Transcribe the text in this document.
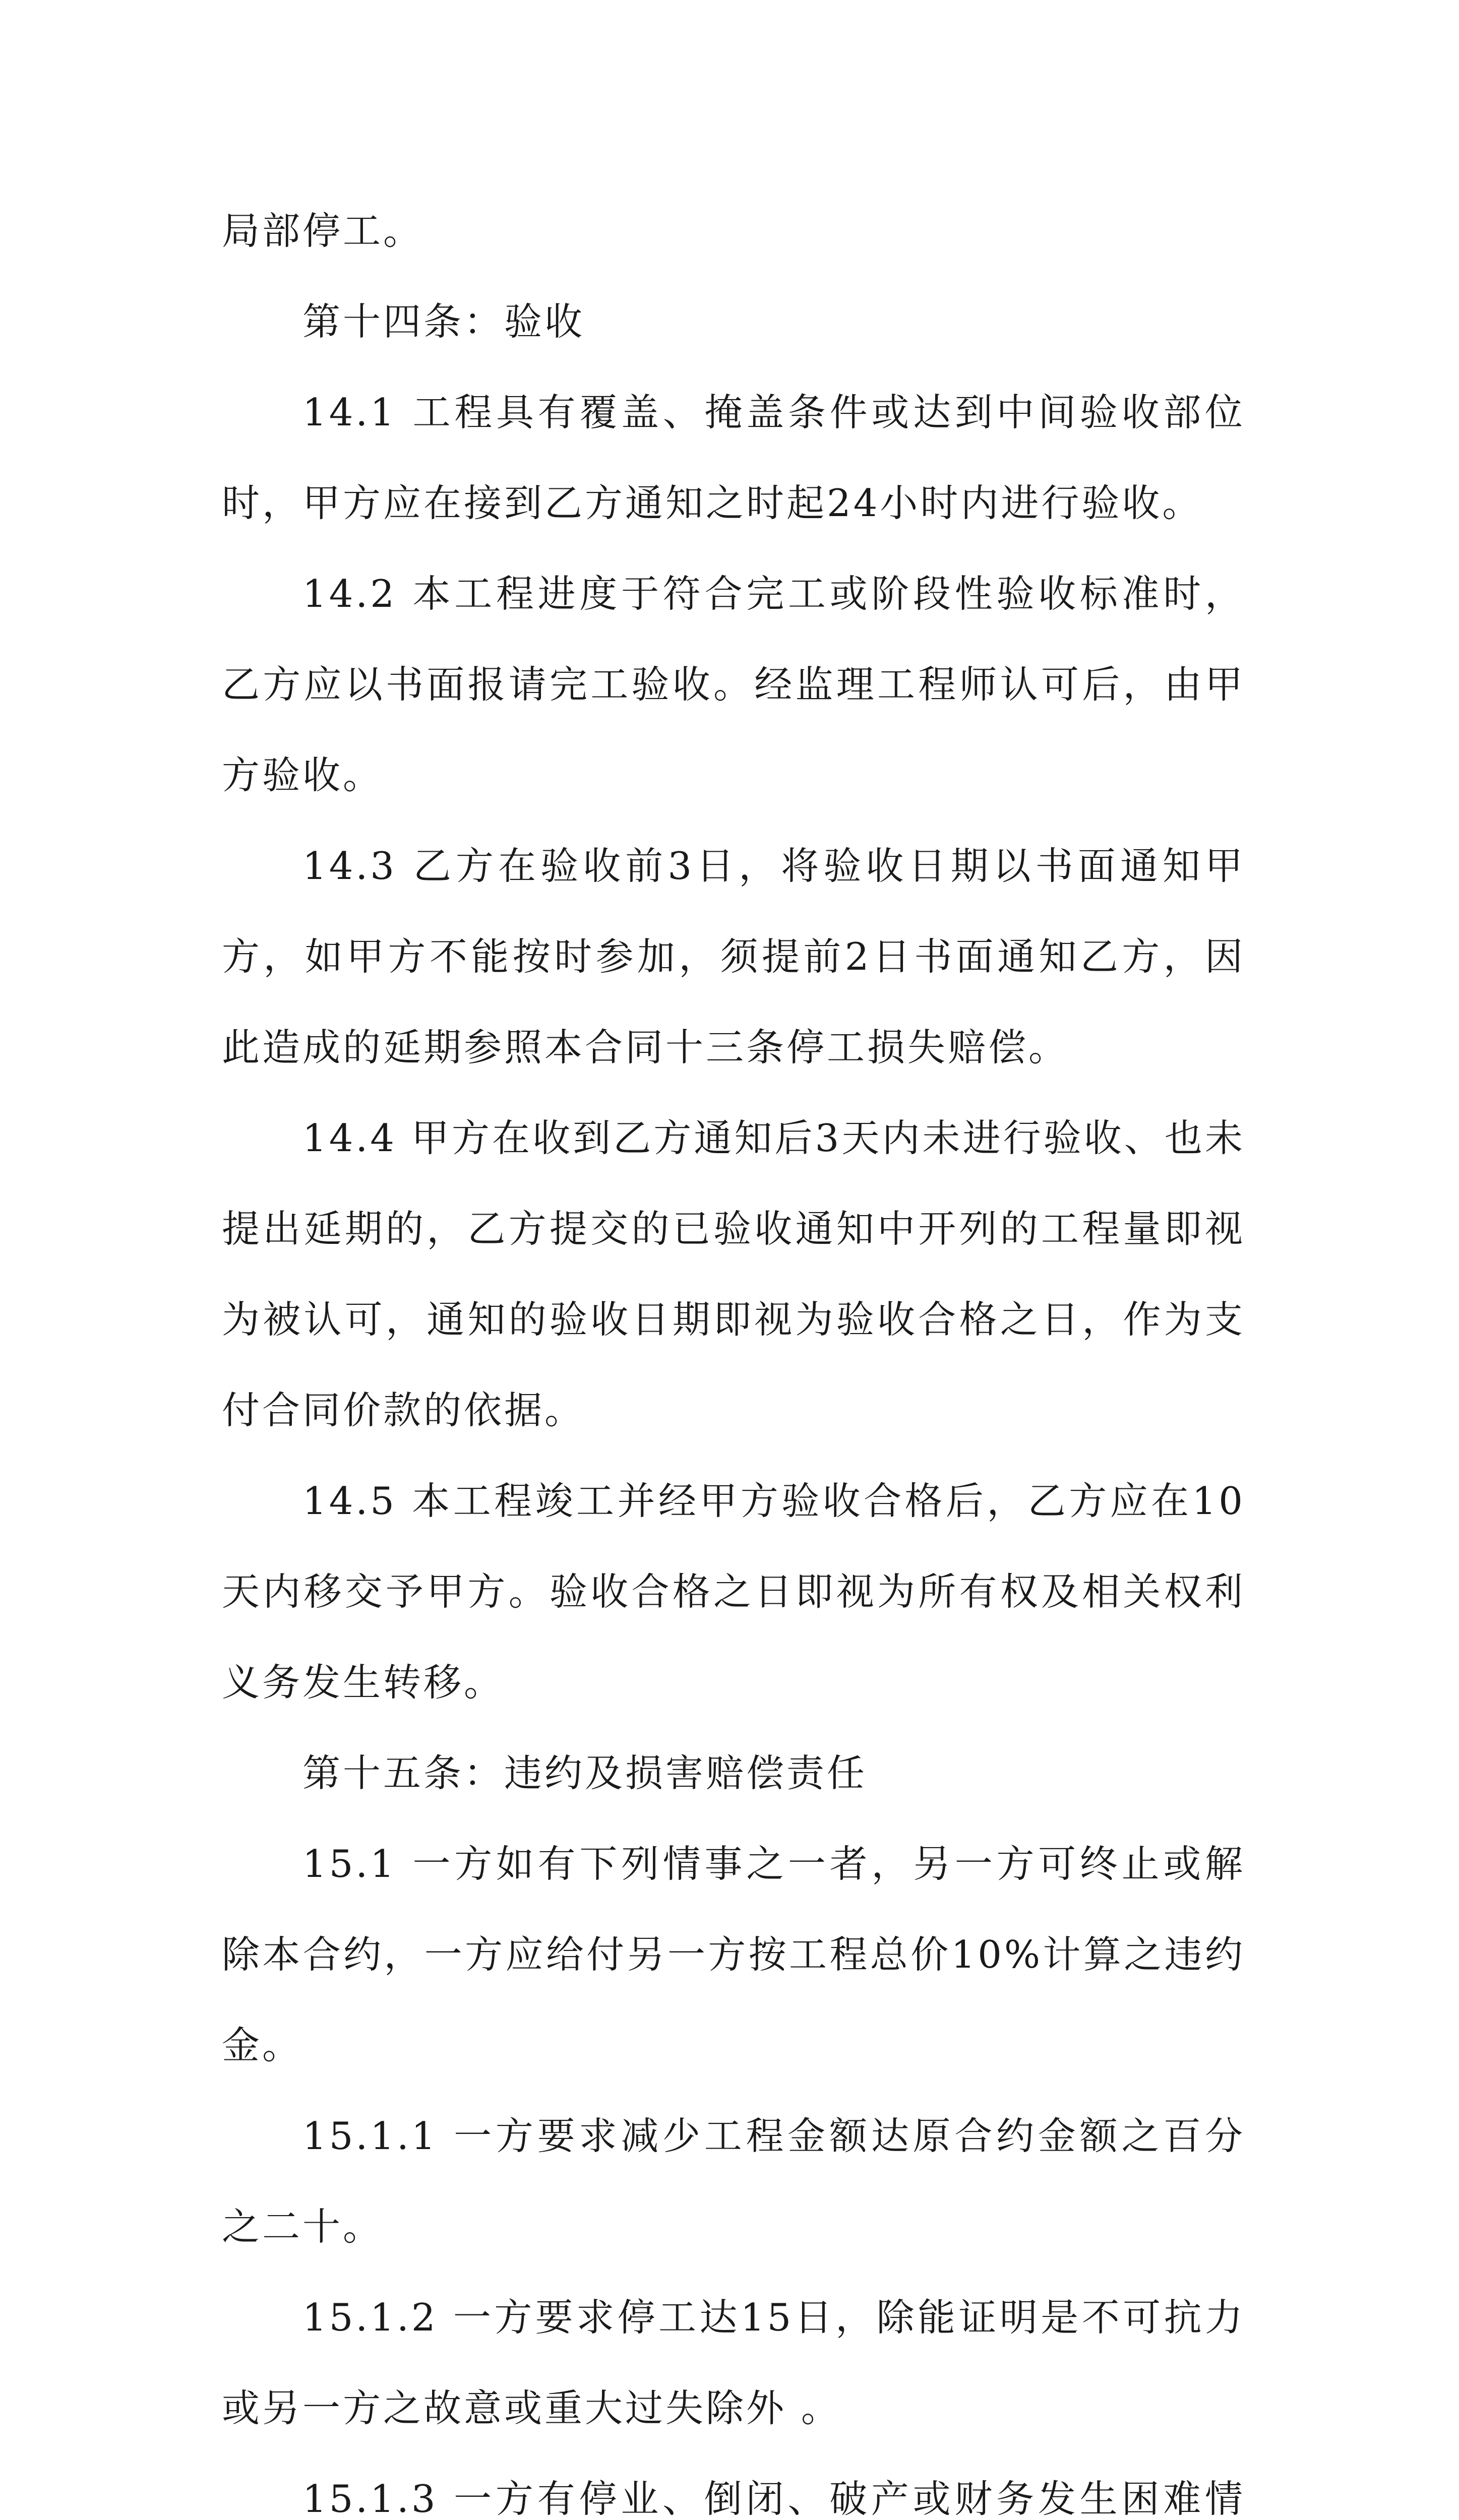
局部停工。

第十四条：验收

14.1 工程具有覆盖、掩盖条件或达到中间验收部位时，甲方应在接到乙方通知之时起24小时内进行验收。

14.2 本工程进度于符合完工或阶段性验收标准时，乙方应以书面报请完工验收。经监理工程师认可后，由甲方验收。

14.3 乙方在验收前3日，将验收日期以书面通知甲方，如甲方不能按时参加，须提前2日书面通知乙方，因此造成的延期参照本合同十三条停工损失赔偿。

14.4 甲方在收到乙方通知后3天内未进行验收、也未提出延期的，乙方提交的已验收通知中开列的工程量即视为被认可，通知的验收日期即视为验收合格之日，作为支付合同价款的依据。

14.5 本工程竣工并经甲方验收合格后，乙方应在10天内移交予甲方。验收合格之日即视为所有权及相关权利义务发生转移。

第十五条：违约及损害赔偿责任

15.1 一方如有下列情事之一者，另一方可终止或解除本合约，一方应给付另一方按工程总价10%计算之违约金。

15.1.1 一方要求减少工程金额达原合约金额之百分之二十。

15.1.2 一方要求停工达15日，除能证明是不可抗力或另一方之故意或重大过失除外 。

15.1.3 一方有停业、倒闭、破产或财务发生困难情
